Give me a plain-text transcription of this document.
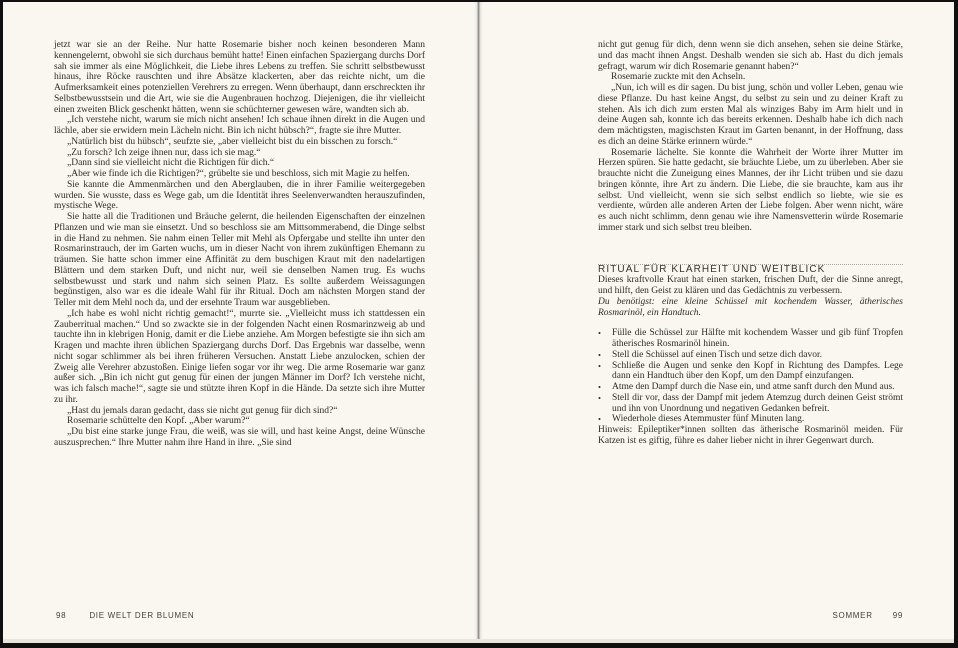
jetzt war sie an der Reihe. Nur hatte Rosemarie bisher noch keinen besonderen Mann kennengelernt, obwohl sie sich durchaus bemüht hatte! Einen einfachen Spaziergang durchs Dorf sah sie immer als eine Möglichkeit, die Liebe ihres Lebens zu treffen. Sie schritt selbstbewusst hinaus, ihre Röcke rauschten und ihre Absätze klackerten, aber das reichte nicht, um die Aufmerksamkeit eines potenziellen Verehrers zu erregen. Wenn überhaupt, dann erschreckten ihr Selbstbewusstsein und die Art, wie sie die Augenbrauen hochzog. Diejenigen, die ihr vielleicht einen zweiten Blick geschenkt hätten, wenn sie schüchterner gewesen wäre, wandten sich ab.

„Ich verstehe nicht, warum sie mich nicht ansehen! Ich schaue ihnen direkt in die Augen und lächle, aber sie erwidern mein Lächeln nicht. Bin ich nicht hübsch?“, fragte sie ihre Mutter.

„Natürlich bist du hübsch“, seufzte sie, „aber vielleicht bist du ein bisschen zu forsch.“

„Zu forsch? Ich zeige ihnen nur, dass ich sie mag.“

„Dann sind sie vielleicht nicht die Richtigen für dich.“

„Aber wie finde ich die Richtigen?“, grübelte sie und beschloss, sich mit Magie zu helfen.

Sie kannte die Ammenmärchen und den Aberglauben, die in ihrer Familie weitergegeben wurden. Sie wusste, dass es Wege gab, um die Identität ihres Seelenverwandten herauszufinden, mystische Wege.

Sie hatte all die Traditionen und Bräuche gelernt, die heilenden Eigenschaften der einzelnen Pflanzen und wie man sie einsetzt. Und so beschloss sie am Mittsommerabend, die Dinge selbst in die Hand zu nehmen. Sie nahm einen Teller mit Mehl als Opfergabe und stellte ihn unter den Rosmarinstrauch, der im Garten wuchs, um in dieser Nacht von ihrem zukünftigen Ehemann zu träumen. Sie hatte schon immer eine Affinität zu dem buschigen Kraut mit den nadelartigen Blättern und dem starken Duft, und nicht nur, weil sie denselben Namen trug. Es wuchs selbstbewusst und stark und nahm sich seinen Platz. Es sollte außerdem Weissagungen begünstigen, also war es die ideale Wahl für ihr Ritual. Doch am nächsten Morgen stand der Teller mit dem Mehl noch da, und der ersehnte Traum war ausgeblieben.

„Ich habe es wohl nicht richtig gemacht!“, murrte sie. „Vielleicht muss ich stattdessen ein Zauberritual machen.“ Und so zwackte sie in der folgenden Nacht einen Rosmarinzweig ab und tauchte ihn in klebrigen Honig, damit er die Liebe anziehe. Am Morgen befestigte sie ihn sich am Kragen und machte ihren üblichen Spaziergang durchs Dorf. Das Ergebnis war dasselbe, wenn nicht sogar schlimmer als bei ihren früheren Versuchen. Anstatt Liebe anzulocken, schien der Zweig alle Verehrer abzustoßen. Einige liefen sogar vor ihr weg. Die arme Rosemarie war ganz außer sich. „Bin ich nicht gut genug für einen der jungen Männer im Dorf? Ich verstehe nicht, was ich falsch mache!“, sagte sie und stützte ihren Kopf in die Hände. Da setzte sich ihre Mutter zu ihr.

„Hast du jemals daran gedacht, dass sie nicht gut genug für dich sind?“

Rosemarie schüttelte den Kopf. „Aber warum?“

„Du bist eine starke junge Frau, die weiß, was sie will, und hast keine Angst, deine Wünsche auszusprechen.“ Ihre Mutter nahm ihre Hand in ihre. „Sie sind

98	DIE WELT DER BLUMEN

nicht gut genug für dich, denn wenn sie dich ansehen, sehen sie deine Stärke, und das macht ihnen Angst. Deshalb wenden sie sich ab. Hast du dich jemals gefragt, warum wir dich Rosemarie genannt haben?“

Rosemarie zuckte mit den Achseln.

„Nun, ich will es dir sagen. Du bist jung, schön und voller Leben, genau wie diese Pflanze. Du hast keine Angst, du selbst zu sein und zu deiner Kraft zu stehen. Als ich dich zum ersten Mal als winziges Baby im Arm hielt und in deine Augen sah, konnte ich das bereits erkennen. Deshalb habe ich dich nach dem mächtigsten, magischsten Kraut im Garten benannt, in der Hoffnung, dass es dich an deine Stärke erinnern würde.“

Rosemarie lächelte. Sie konnte die Wahrheit der Worte ihrer Mutter im Herzen spüren. Sie hatte gedacht, sie bräuchte Liebe, um zu überleben. Aber sie brauchte nicht die Zuneigung eines Mannes, der ihr Licht trüben und sie dazu bringen könnte, ihre Art zu ändern. Die Liebe, die sie brauchte, kam aus ihr selbst. Und vielleicht, wenn sie sich selbst endlich so liebte, wie sie es verdiente, würden alle anderen Arten der Liebe folgen. Aber wenn nicht, wäre es auch nicht schlimm, denn genau wie ihre Namensvetterin würde Rosemarie immer stark und sich selbst treu bleiben.

RITUAL FÜR KLARHEIT UND WEITBLICK

Dieses kraftvolle Kraut hat einen starken, frischen Duft, der die Sinne anregt, und hilft, den Geist zu klären und das Gedächtnis zu verbessern.

Du benötigst: eine kleine Schüssel mit kochendem Wasser, ätherisches Rosmarinöl, ein Handtuch.

•	Fülle die Schüssel zur Hälfte mit kochendem Wasser und gib fünf Tropfen ätherisches Rosmarinöl hinein.
•	Stell die Schüssel auf einen Tisch und setze dich davor.
•	Schließe die Augen und senke den Kopf in Richtung des Dampfes. Lege dann ein Handtuch über den Kopf, um den Dampf einzufangen.
•	Atme den Dampf durch die Nase ein, und atme sanft durch den Mund aus.
•	Stell dir vor, dass der Dampf mit jedem Atemzug durch deinen Geist strömt und ihn von Unordnung und negativen Gedanken befreit.
•	Wiederhole dieses Atemmuster fünf Minuten lang.

Hinweis: Epileptiker*innen sollten das ätherische Rosmarinöl meiden. Für Katzen ist es giftig, führe es daher lieber nicht in ihrer Gegenwart durch.

SOMMER	99
